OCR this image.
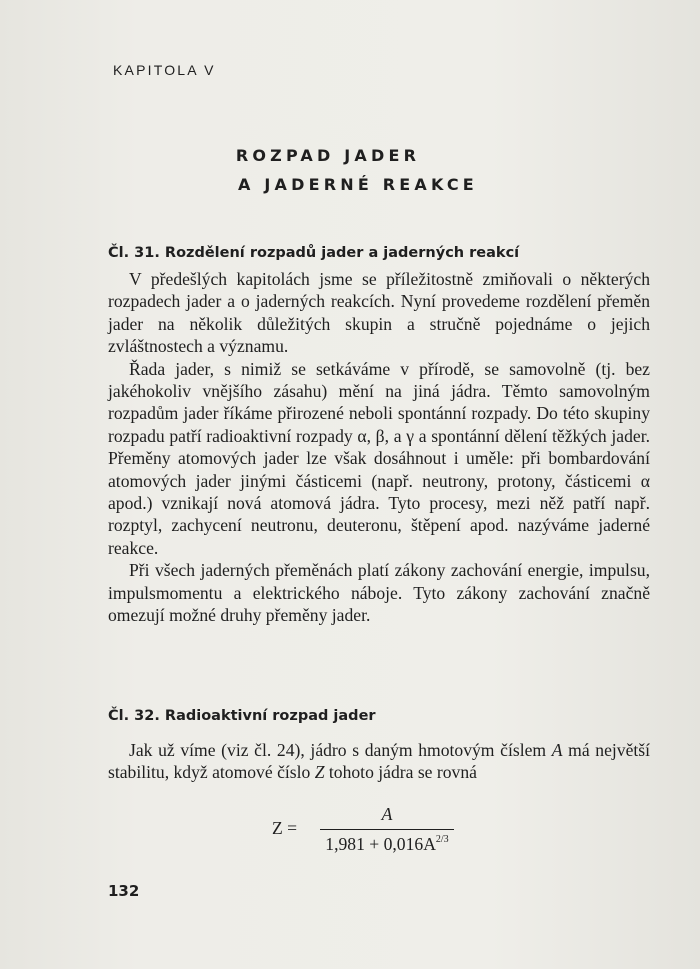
KAPITOLA V
ROZPAD JADER
A JADERNÉ REAKCE
Čl. 31. Rozdělení rozpadů jader a jaderných reakcí

V předešlých kapitolách jsme se příležitostně zmiňovali o některých rozpadech jader a o jaderných reakcích. Nyní provedeme rozdělení přeměn jader na několik důležitých skupin a stručně pojednáme o jejich zvláštnostech a významu.

Řada jader, s nimiž se setkáváme v přírodě, se samovolně (tj. bez jakéhokoliv vnějšího zásahu) mění na jiná jádra. Těmto samovolným rozpadům jader říkáme přirozené neboli spontánní rozpady. Do této skupiny rozpadu patří radioaktivní rozpady α, β, a γ a spontánní dělení těžkých jader. Přeměny atomových jader lze však dosáhnout i uměle: při bombardování atomových jader jinými částicemi (např. neutrony, protony, částicemi α apod.) vznikají nová atomová jádra. Tyto procesy, mezi něž patří např. rozptyl, zachycení neutronu, deuteronu, štěpení apod. nazýváme jaderné reakce.

Při všech jaderných přeměnách platí zákony zachování energie, impulsu, impulsmomentu a elektrického náboje. Tyto zákony zachování značně omezují možné druhy přeměny jader.

Čl. 32. Radioaktivní rozpad jader

Jak už víme (viz čl. 24), jádro s daným hmotovým číslem A má největší stabilitu, když atomové číslo Z tohoto jádra se rovná

Z =
A
$1,981 + 0,016A^{2/3}$
132
